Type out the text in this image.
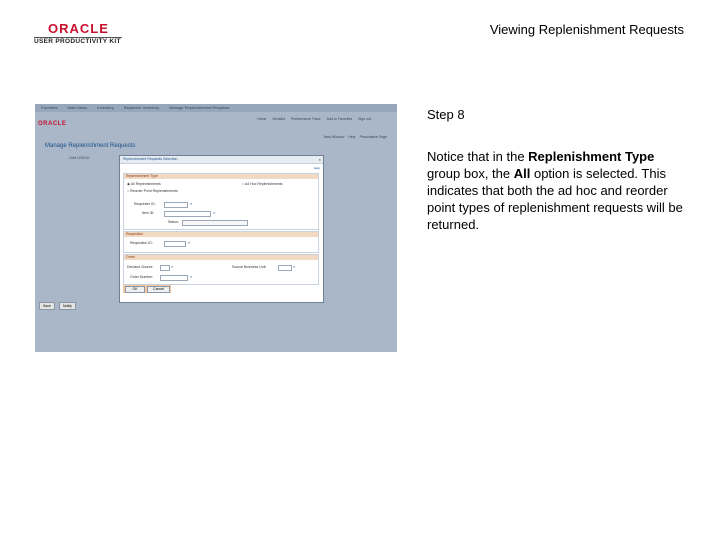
ORACLE
USER PRODUCTIVITY KIT
Viewing Replenishment Requests
Favorites	Main Menu	Inventory	Replenish Inventory	Manage Replenishment Requests
ORACLE
Home Worklist Performance Trace Add to Favorites Sign out
New Window Help Personalize Page
Manage Replenishment Requests
Unit US010	Replenishment Requests Selection	×
Help
Replenishment Type
◉ All Replenishments	○ Ad Hoc Replenishments
○ Reorder Point Replenishments
Requester ID:	⌕
Item ID:	⌕
Status:
Requisition
Requisition ID:	⌕
Order
Demand Source:	⌕	Source Business Unit:	⌕
Order Number:	⌕
OK	Cancel
Save	Notify
Step 8
Notice that in the Replenishment Type group box, the All option is selected. This indicates that both the ad hoc and reorder point types of replenishment requests will be returned.
